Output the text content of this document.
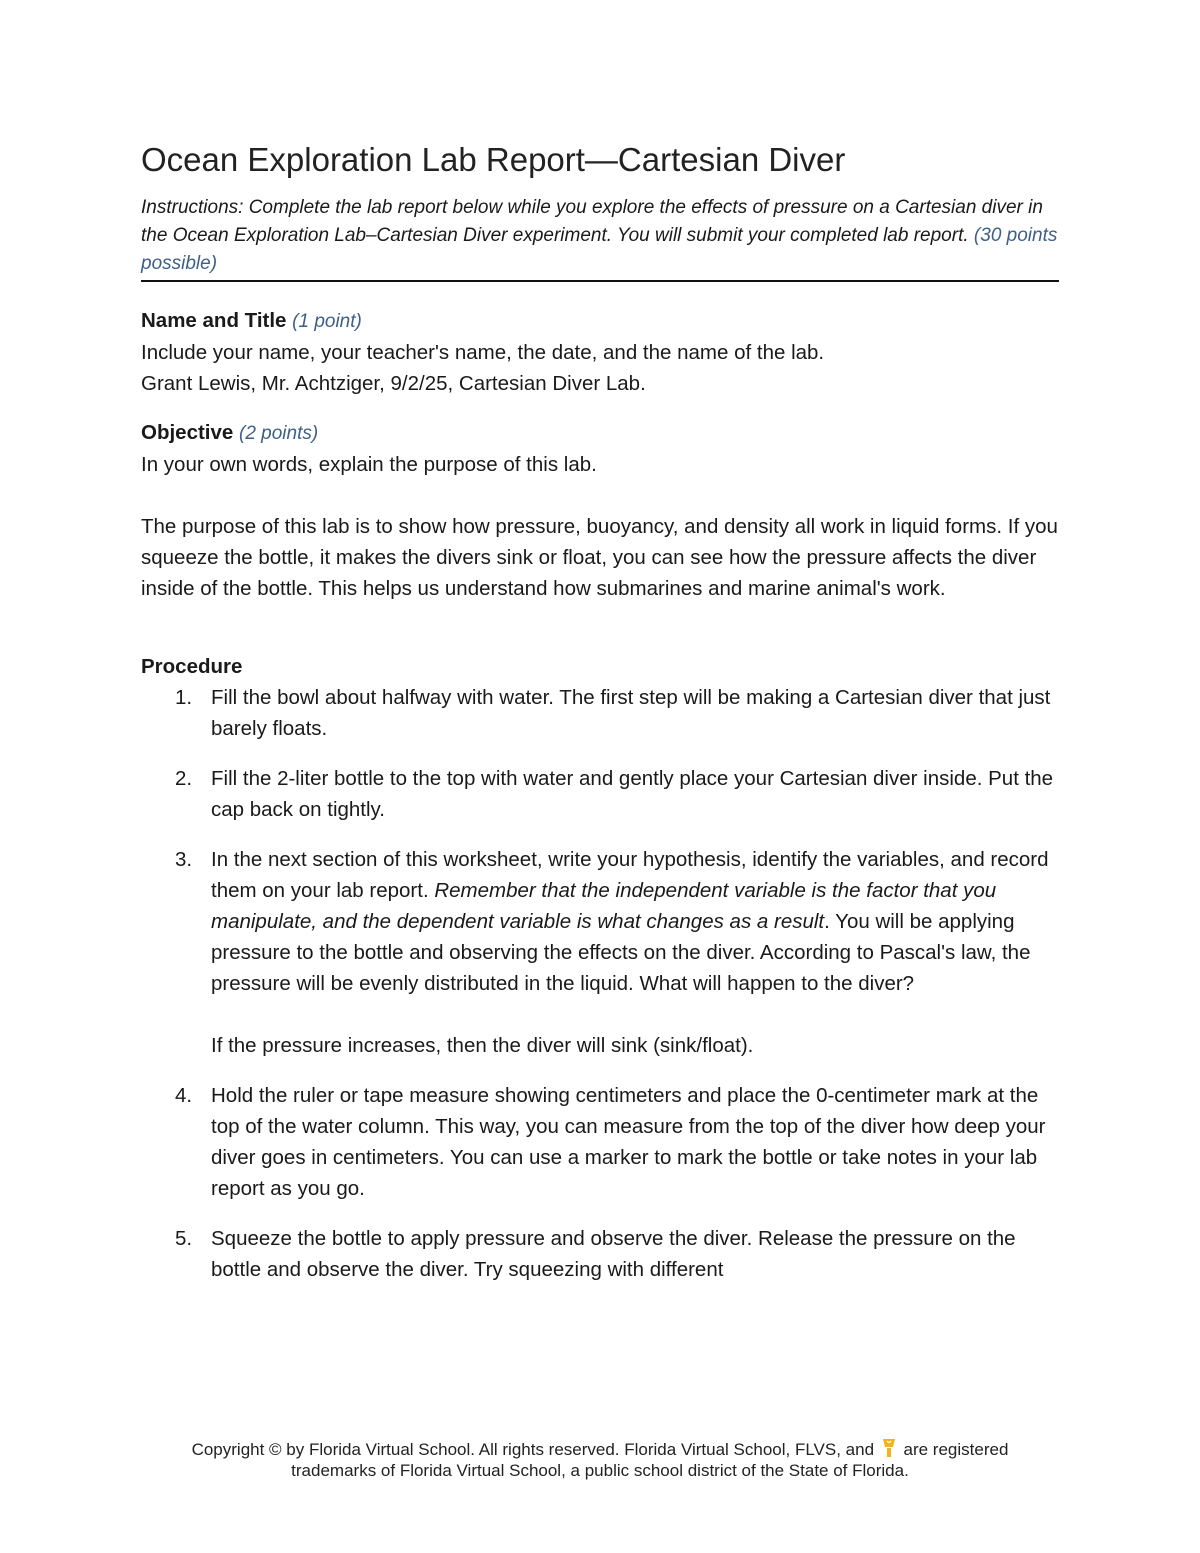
Ocean Exploration Lab Report—Cartesian Diver

Instructions: Complete the lab report below while you explore the effects of pressure on a Cartesian diver in the Ocean Exploration Lab–Cartesian Diver experiment. You will submit your completed lab report. (30 points possible)

Name and Title (1 point)

Include your name, your teacher's name, the date, and the name of the lab.

Grant Lewis, Mr. Achtziger, 9/2/25, Cartesian Diver Lab.

Objective (2 points)

In your own words, explain the purpose of this lab.

The purpose of this lab is to show how pressure, buoyancy, and density all work in liquid forms. If you squeeze the bottle, it makes the divers sink or float, you can see how the pressure affects the diver inside of the bottle. This helps us understand how submarines and marine animal's work.

Procedure

1. Fill the bowl about halfway with water. The first step will be making a Cartesian diver that just barely floats.
2. Fill the 2-liter bottle to the top with water and gently place your Cartesian diver inside. Put the cap back on tightly.
3. In the next section of this worksheet, write your hypothesis, identify the variables, and record them on your lab report. Remember that the independent variable is the factor that you manipulate, and the dependent variable is what changes as a result. You will be applying pressure to the bottle and observing the effects on the diver. According to Pascal's law, the pressure will be evenly distributed in the liquid. What will happen to the diver?
If the pressure increases, then the diver will sink (sink/float).
4. Hold the ruler or tape measure showing centimeters and place the 0-centimeter mark at the top of the water column. This way, you can measure from the top of the diver how deep your diver goes in centimeters. You can use a marker to mark the bottle or take notes in your lab report as you go.
5. Squeeze the bottle to apply pressure and observe the diver. Release the pressure on the bottle and observe the diver. Try squeezing with different
Copyright © by Florida Virtual School. All rights reserved. Florida Virtual School, FLVS, and are registered
trademarks of Florida Virtual School, a public school district of the State of Florida.
